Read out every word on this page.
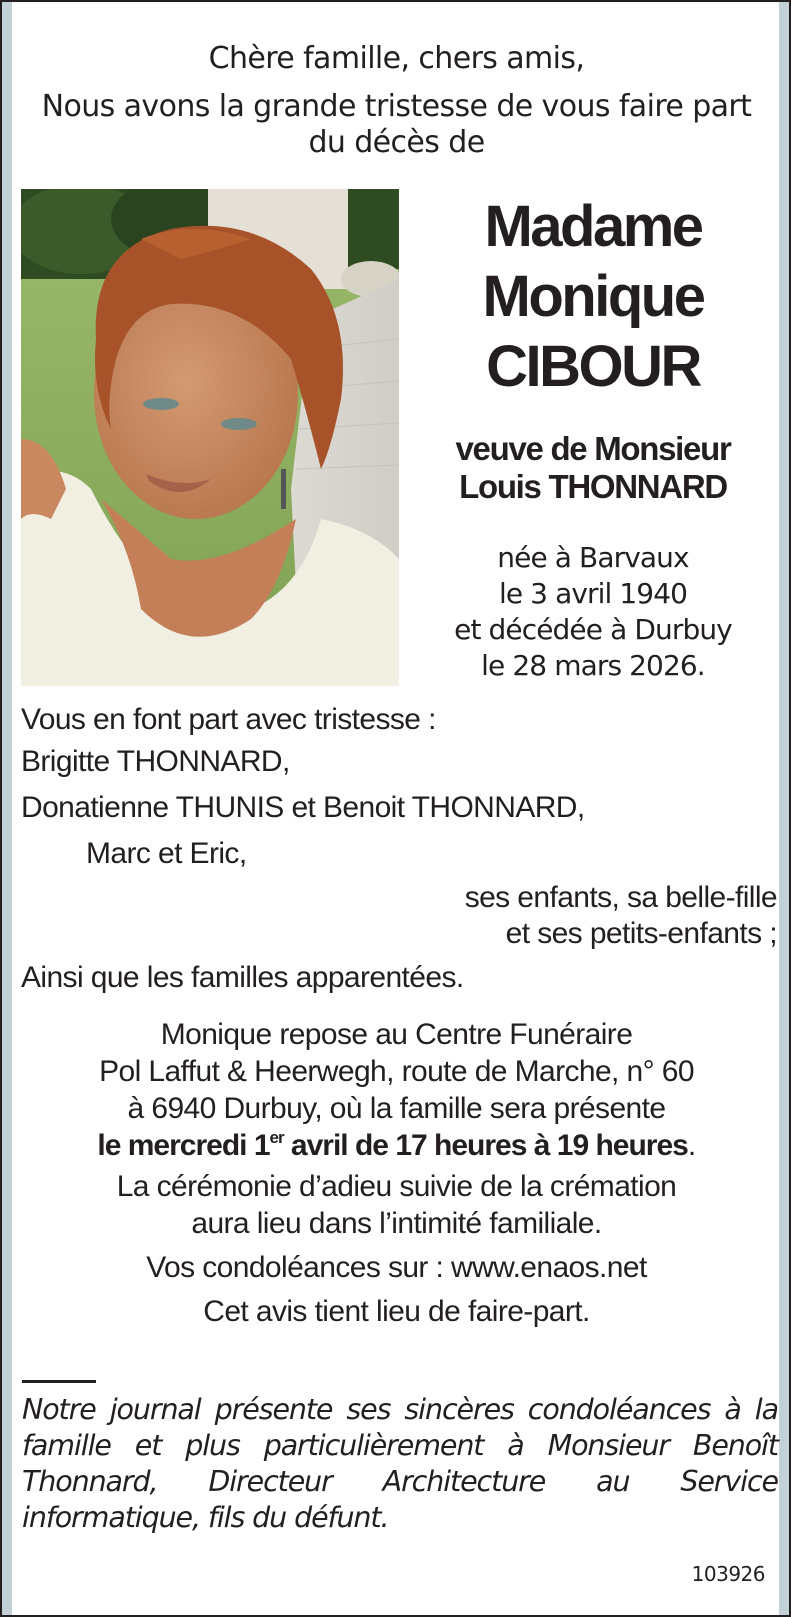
Chère famille, chers amis,
Nous avons la grande tristesse de vous faire part
du décès de
Madame
Monique
CIBOUR
veuve de Monsieur
Louis THONNARD
née à Barvaux
le 3 avril 1940
et décédée à Durbuy
le 28 mars 2026.
Vous en font part avec tristesse :
Brigitte THONNARD,
Donatienne THUNIS et Benoit THONNARD,
Marc et Eric,
ses enfants, sa belle-fille
et ses petits-enfants ;
Ainsi que les familles apparentées.
Monique repose au Centre Funéraire
Pol Laffut & Heerwegh, route de Marche, n° 60
à 6940 Durbuy, où la famille sera présente
le mercredi 1er avril de 17 heures à 19 heures.
La cérémonie d’adieu suivie de la crémation
aura lieu dans l’intimité familiale.
Vos condoléances sur : www.enaos.net
Cet avis tient lieu de faire-part.
Notre journal présente ses sincères condoléances à la famille et plus particulièrement à Monsieur Benoît Thonnard, Directeur Architecture au Service informatique, fils du défunt.
103926
